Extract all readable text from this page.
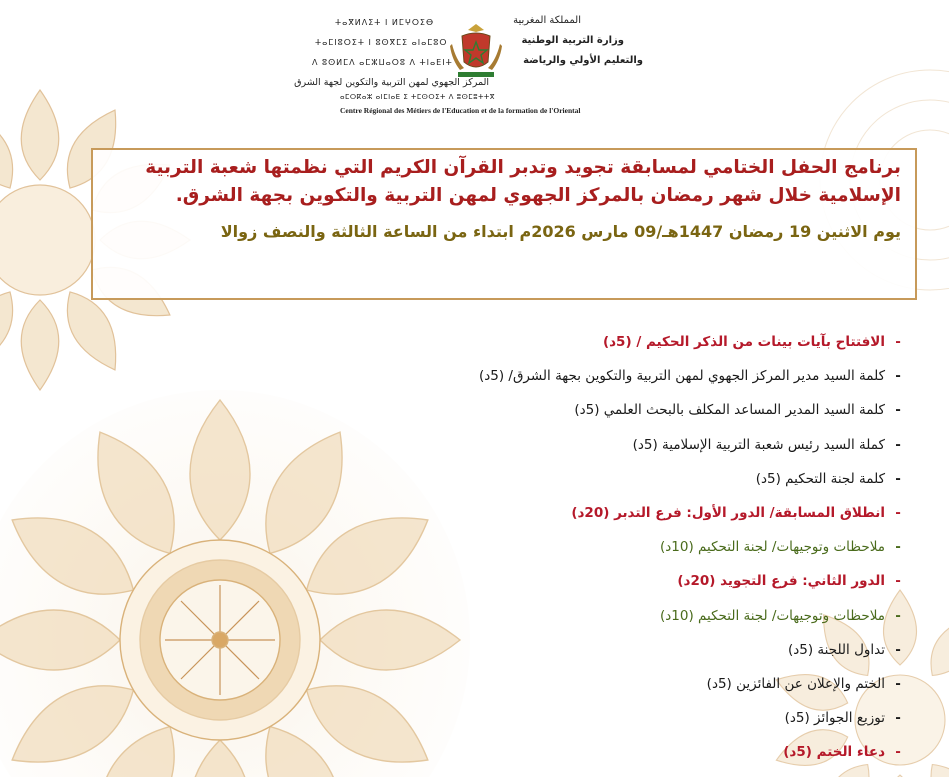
ⵜⴰⴳⵍⴷⵉⵜ ⵏ ⵍⵎⵖⵔⵉⴱ
ⵜⴰⵎⵏⵓⵔⵉⵜ ⵏ ⵓⵙⴳⵎⵉ ⴰⵏⴰⵎⵓⵔ
ⴷ ⵓⵙⵍⵎⴷ ⴰⵎⵣⵡⴰⵔⵓ ⴷ ⵜⵏⴰⴹⵏⵜ
المملكة المغربية
وزارة التربية الوطنية
والتعليم الأولي والرياضة
المركز الجهوي لمهن التربية والتكوين لجهة الشرق
ⴰⵎⵔⴽⴰⵣ ⴰⵏⵎⵏⴰⴹ ⵉ ⵜⵎⵙⵔⵉⵜ ⴷ ⵓⵙⵎⵓⵜⵜⴳ
Centre Régional des Métiers de l'Education et de la formation de l'Oriental
برنامج الحفل الختامي لمسابقة تجويد وتدبر القرآن الكريم التي نظمتها شعبة التربية الإسلامية خلال شهر رمضان بالمركز الجهوي لمهن التربية والتكوين بجهة الشرق.
يوم الاثنين 19 رمضان 1447هـ/09 مارس 2026م ابتداء من الساعة الثالثة والنصف زوالا
-الافتتاح بآيات بينات من الذكر الحكيم / (5د)
-كلمة السيد مدير المركز الجهوي لمهن التربية والتكوين بجهة الشرق/ (5د)
-كلمة السيد المدير المساعد المكلف بالبحث العلمي (5د)
-كملة السيد رئيس شعبة التربية الإسلامية (5د)
-كلمة لجنة التحكيم (5د)
-انطلاق المسابقة/ الدور الأول: فرع التدبر (20د)
-ملاحظات وتوجيهات/ لجنة التحكيم (10د)
-الدور الثاني: فرع التجويد (20د)
-ملاحظات وتوجيهات/ لجنة التحكيم (10د)
-تداول اللجنة (5د)
-الختم والإعلان عن الفائزين (5د)
-توزيع الجوائز (5د)
-دعاء الختم (5د)
